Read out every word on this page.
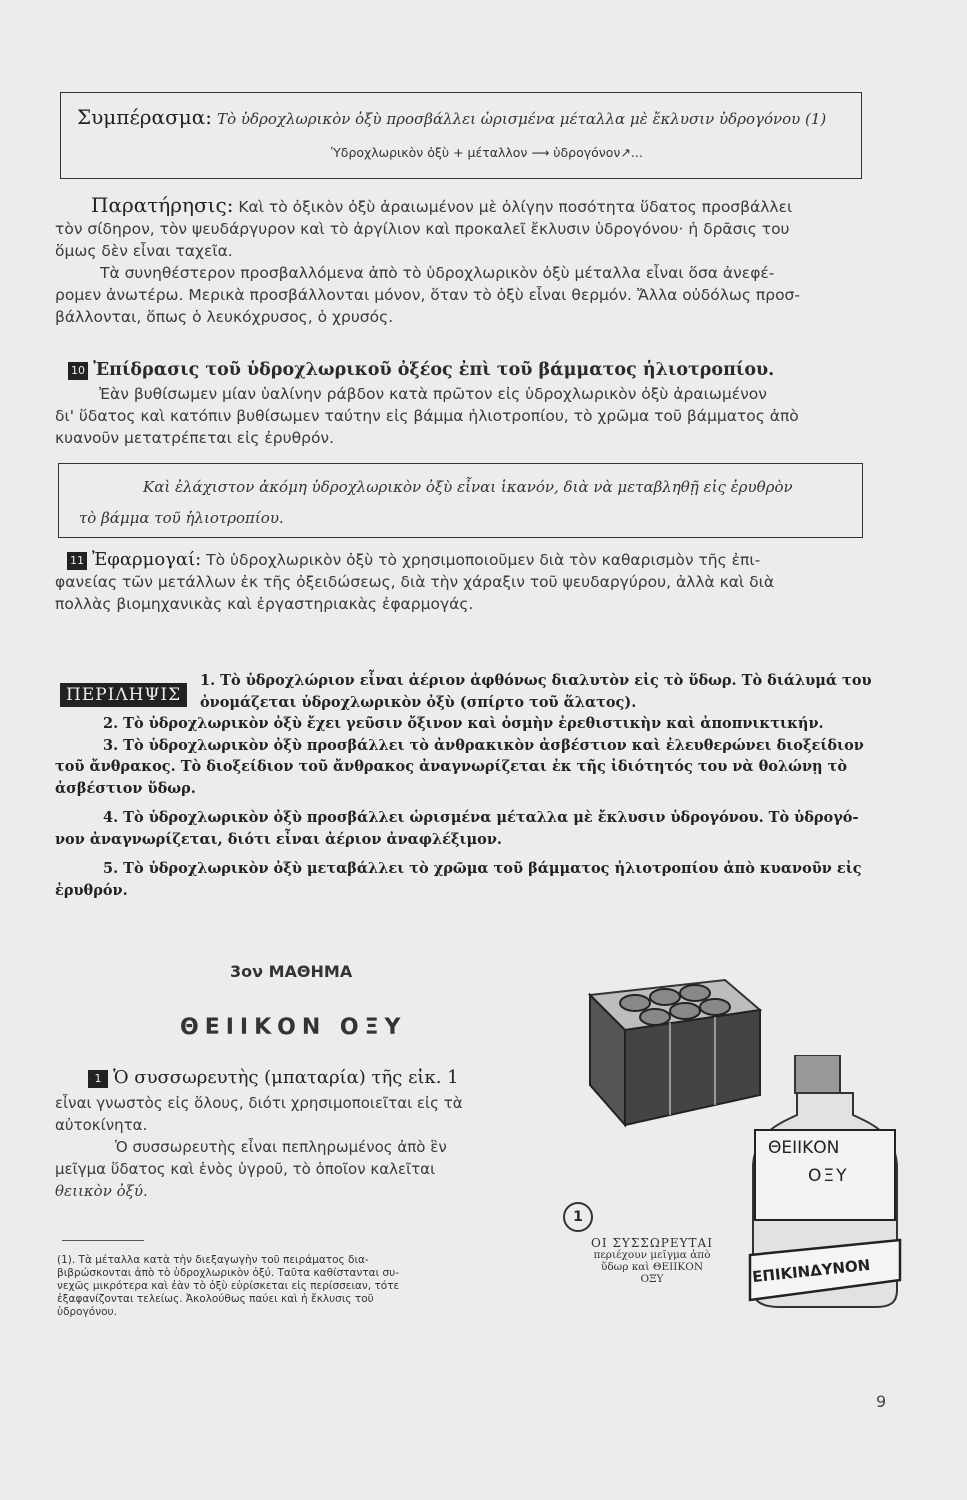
Συμπέρασμα: Τὸ ὑδροχλωρικὸν ὀξὺ προσβάλλει ὡρισμένα μέταλλα μὲ ἔκλυσιν ὑδρογόνου (1)
Ὑδροχλωρικὸν ὀξὺ + μέταλλον ⟶ ὑδρογόνον↗...

Παρατήρησις: Καὶ τὸ ὀξικὸν ὀξὺ ἀραιωμένον μὲ ὀλίγην ποσότητα ὕδατος προσβάλλει

τὸν σίδηρον, τὸν ψευδάργυρον καὶ τὸ ἀργίλιον καὶ προκαλεῖ ἔκλυσιν ὑδρογόνου· ἡ δρᾶσις του

ὅμως δὲν εἶναι ταχεῖα.

Τὰ συνηθέστερον προσβαλλόμενα ἀπὸ τὸ ὑδροχλωρικὸν ὀξὺ μέταλλα εἶναι ὅσα ἀνεφέ-

ρομεν ἀνωτέρω. Μερικὰ προσβάλλονται μόνον, ὅταν τὸ ὀξὺ εἶναι θερμόν. Ἄλλα οὐδόλως προσ-

βάλλονται, ὅπως ὁ λευκόχρυσος, ὁ χρυσός.

10 Ἐπίδρασις τοῦ ὑδροχλωρικοῦ ὀξέος ἐπὶ τοῦ βάμματος ἡλιοτροπίου.

Ἐὰν βυθίσωμεν μίαν ὑαλίνην ράβδον κατὰ πρῶτον εἰς ὑδροχλωρικὸν ὀξὺ ἀραιωμένον

δι' ὕδατος καὶ κατόπιν βυθίσωμεν ταύτην εἰς βάμμα ἡλιοτροπίου, τὸ χρῶμα τοῦ βάμματος ἀπὸ

κυανοῦν μετατρέπεται εἰς ἐρυθρόν.

Καὶ ἐλάχιστον ἀκόμη ὑδροχλωρικὸν ὀξὺ εἶναι ἱκανόν, διὰ νὰ μεταβληθῇ εἰς ἐρυθρὸν
τὸ βάμμα τοῦ ἡλιοτροπίου.

11 Ἐφαρμογαί: Τὸ ὑδροχλωρικὸν ὀξὺ τὸ χρησιμοποιοῦμεν διὰ τὸν καθαρισμὸν τῆς ἐπι-

φανείας τῶν μετάλλων ἐκ τῆς ὀξειδώσεως, διὰ τὴν χάραξιν τοῦ ψευδαργύρου, ἀλλὰ καὶ διὰ

πολλὰς βιομηχανικὰς καὶ ἐργαστηριακὰς ἐφαρμογάς.

ΠΕΡΙΛΗΨΙΣ

1. Τὸ ὑδροχλώριον εἶναι ἀέριον ἀφθόνως διαλυτὸν εἰς τὸ ὕδωρ. Τὸ διάλυμά του

ὀνομάζεται ὑδροχλωρικὸν ὀξὺ (σπίρτο τοῦ ἅλατος).

2. Τὸ ὑδροχλωρικὸν ὀξὺ ἔχει γεῦσιν ὄξινον καὶ ὀσμὴν ἐρεθιστικὴν καὶ ἀποπνικτικήν.

3. Τὸ ὑδροχλωρικὸν ὀξὺ προσβάλλει τὸ ἀνθρακικὸν ἀσβέστιον καὶ ἐλευθερώνει διοξείδιον

τοῦ ἄνθρακος. Τὸ διοξείδιον τοῦ ἄνθρακος ἀναγνωρίζεται ἐκ τῆς ἰδιότητός του νὰ θολώνῃ τὸ

ἀσβέστιον ὕδωρ.

4. Τὸ ὑδροχλωρικὸν ὀξὺ προσβάλλει ὡρισμένα μέταλλα μὲ ἔκλυσιν ὑδρογόνου. Τὸ ὑδρογό-

νον ἀναγνωρίζεται, διότι εἶναι ἀέριον ἀναφλέξιμον.

5. Τὸ ὑδροχλωρικὸν ὀξὺ μεταβάλλει τὸ χρῶμα τοῦ βάμματος ἡλιοτροπίου ἀπὸ κυανοῦν εἰς

ἐρυθρόν.

3ον ΜΑΘΗΜΑ
ΘΕΙΙΚΟΝ ΟΞΥ
1 Ὁ συσσωρευτὴς (μπαταρία) τῆς εἰκ. 1

εἶναι γνωστὸς εἰς ὅλους, διότι χρησιμοποιεῖται εἰς τὰ

αὐτοκίνητα.

Ὁ συσσωρευτὴς εἶναι πεπληρωμένος ἀπὸ ἓν

μεῖγμα ὕδατος καὶ ἑνὸς ὑγροῦ, τὸ ὁποῖον καλεῖται

θειικὸν ὀξύ.

(1). Τὰ μέταλλα κατὰ τὴν διεξαγωγὴν τοῦ πειράματος δια-
βιβρώσκονται ἀπὸ τὸ ὑδροχλωρικὸν ὀξύ. Ταῦτα καθίστανται συ-
νεχῶς μικρότερα καὶ ἐὰν τὸ ὀξὺ εὑρίσκεται εἰς περίσσειαν, τότε
ἐξαφανίζονται τελείως. Ἀκολούθως παύει καὶ ἡ ἔκλυσις τοῦ
ὑδρογόνου.
ΘΕΙΙΚΟΝ
ΟΞΥ
ΕΠΙΚΙΝΔΥΝΟΝ
1
ΟΙ ΣΥΣΣΩΡΕΥΤΑΙ
περιέχουν μεῖγμα ἀπὸ
ὕδωρ καὶ ΘΕΙΙΚΟΝ
ΟΞΥ
9
